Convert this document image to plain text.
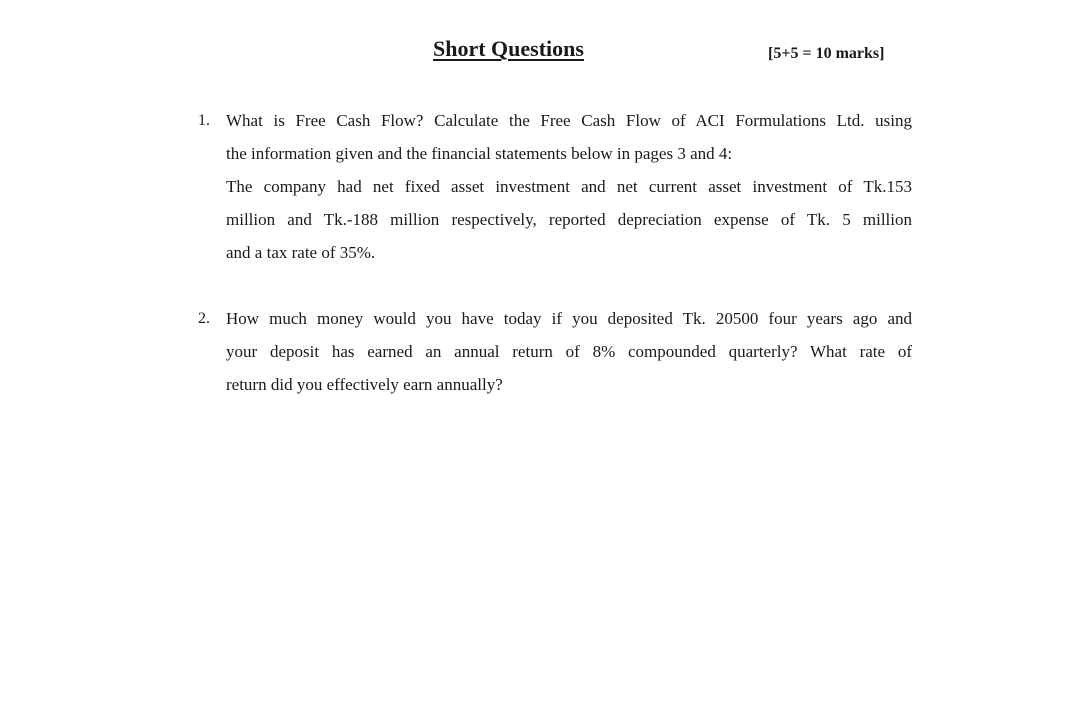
Short Questions	[5+5 = 10 marks]
1. What is Free Cash Flow? Calculate the Free Cash Flow of ACI Formulations Ltd. using
the information given and the financial statements below in pages 3 and 4:
The company had net fixed asset investment and net current asset investment of Tk.153
million and Tk.-188 million respectively, reported depreciation expense of Tk. 5 million
and a tax rate of 35%.
2. How much money would you have today if you deposited Tk. 20500 four years ago and
your deposit has earned an annual return of 8% compounded quarterly? What rate of
return did you effectively earn annually?
